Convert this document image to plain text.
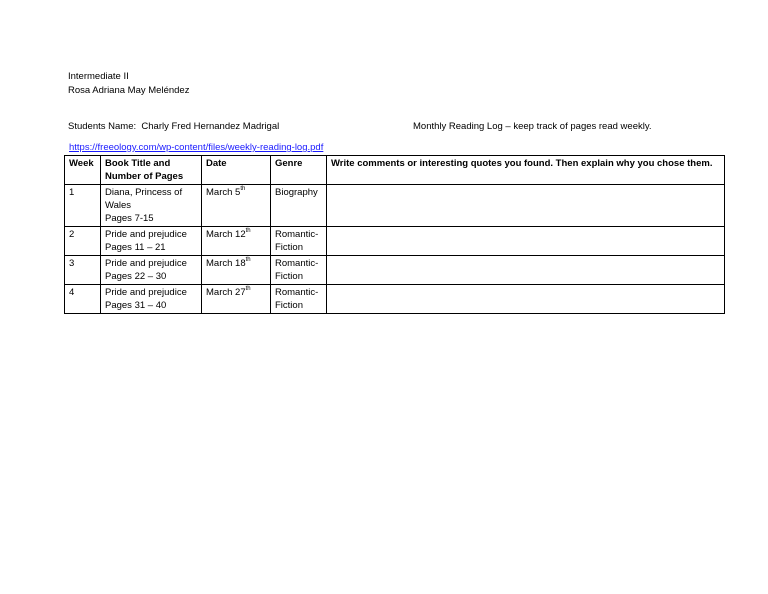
Intermediate II
Rosa Adriana May Meléndez
Students Name: Charly Fred Hernandez Madrigal	Monthly Reading Log – keep track of pages read weekly.
https://freeology.com/wp-content/files/weekly-reading-log.pdf
Week	Book Title and
Number of Pages	Date	Genre	Write comments or interesting quotes you found. Then explain why you chose them.
1	Diana, Princess of
Wales
Pages 7-15	March 5th	Biography	

2	Pride and prejudice
Pages 11 – 21	March 12th	Romantic-
Fiction	

3	Pride and prejudice
Pages 22 – 30	March 18th	Romantic-
Fiction	

4	Pride and prejudice
Pages 31 – 40	March 27th	Romantic-
Fiction	
